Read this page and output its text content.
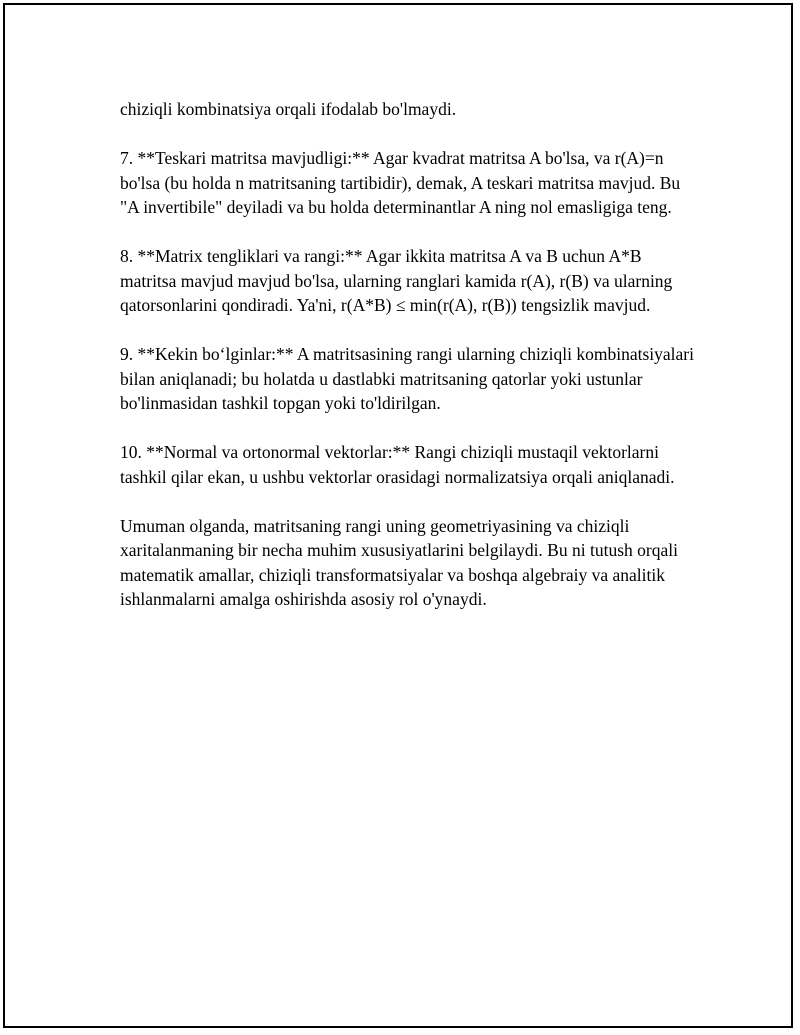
chiziqli kombinatsiya orqali ifodalab bo'lmaydi.

7. **Teskari matritsa mavjudligi:** Agar kvadrat matritsa A bo'lsa, va r(A)=n bo'lsa (bu holda n matritsaning tartibidir), demak, A teskari matritsa mavjud. Bu "A invertibile" deyiladi va bu holda determinantlar A ning nol emasligiga teng.

8. **Matrix tengliklari va rangi:** Agar ikkita matritsa A va B uchun A*B matritsa mavjud mavjud bo'lsa, ularning ranglari kamida r(A), r(B) va ularning qatorsonlarini qondiradi. Ya'ni, r(A*B) ≤ min(r(A), r(B)) tengsizlik mavjud.

9. **Kekin bo‘lginlar:** A matritsasining rangi ularning chiziqli kombinatsiyalari bilan aniqlanadi; bu holatda u dastlabki matritsaning qatorlar yoki ustunlar bo'linmasidan tashkil topgan yoki to'ldirilgan.

10. **Normal va ortonormal vektorlar:** Rangi chiziqli mustaqil vektorlarni tashkil qilar ekan, u ushbu vektorlar orasidagi normalizatsiya orqali aniqlanadi.

Umuman olganda, matritsaning rangi uning geometriyasining va chiziqli xaritalanmaning bir necha muhim xususiyatlarini belgilaydi. Bu ni tutush orqali matematik amallar, chiziqli transformatsiyalar va boshqa algebraiy va analitik ishlanmalarni amalga oshirishda asosiy rol o'ynaydi.
